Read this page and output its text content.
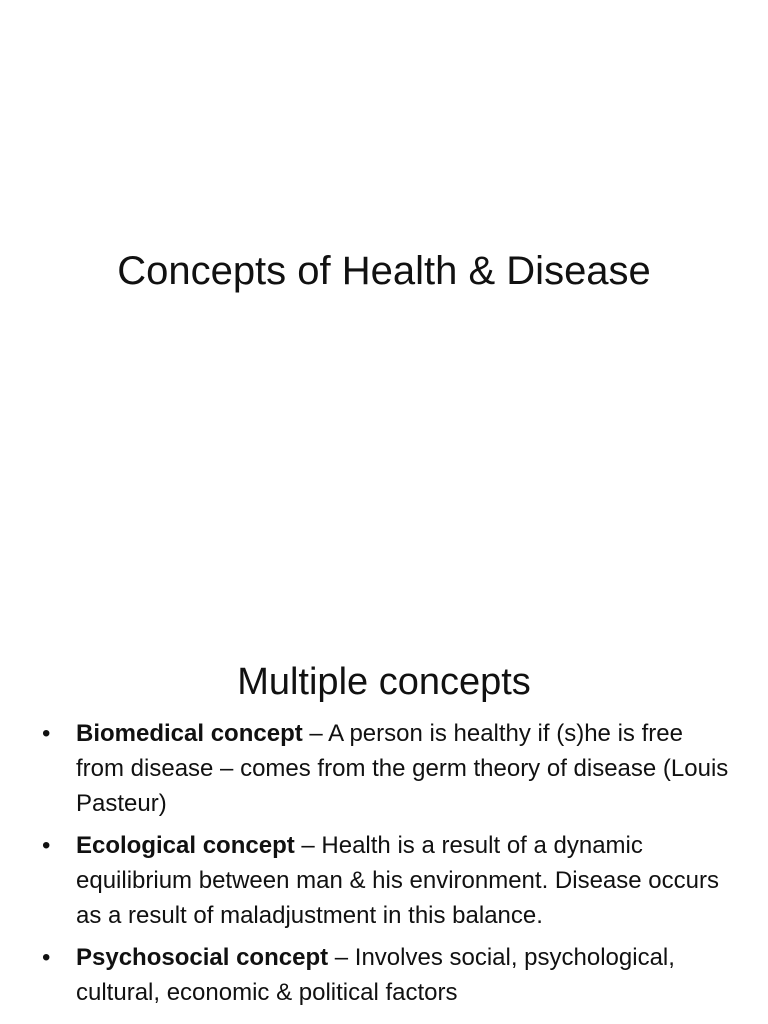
Concepts of Health & Disease
Multiple concepts
• Biomedical concept – A person is healthy if (s)he is free from disease – comes from the germ theory of disease (Louis Pasteur)
• Ecological concept – Health is a result of a dynamic equilibrium between man & his environment. Disease occurs as a result of maladjustment in this balance.
• Psychosocial concept – Involves social, psychological, cultural, economic & political factors
